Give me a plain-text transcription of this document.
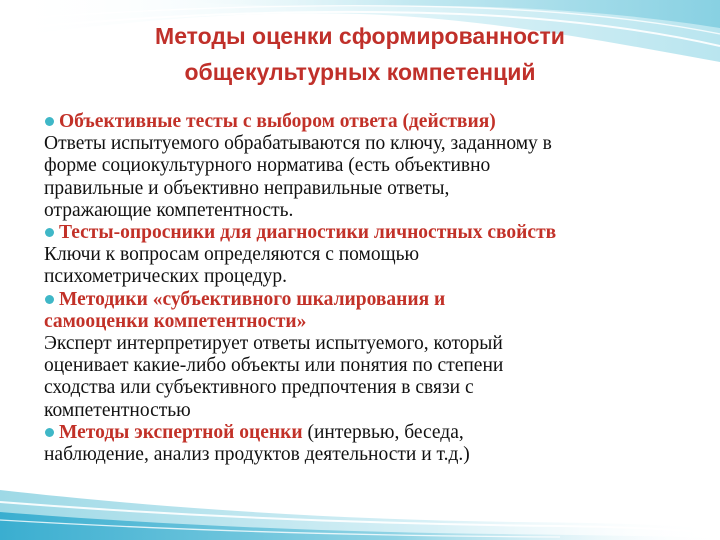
Методы оценки сформированности
общекультурных компетенций
Объективные тесты с выбором ответа (действия)
Ответы испытуемого обрабатываются по ключу, заданному в
форме социокультурного норматива (есть объективно
правильные и объективно неправильные ответы,
отражающие компетентность.
Тесты-опросники для диагностики личностных свойств
Ключи к вопросам определяются с помощью
психометрических процедур.
Методики «субъективного шкалирования и
самооценки компетентности»
Эксперт интерпретирует ответы испытуемого, который
оценивает какие-либо объекты или понятия по степени
сходства или субъективного предпочтения в связи с
компетентностью
Методы экспертной оценки (интервью, беседа,
наблюдение, анализ продуктов деятельности и т.д.)
